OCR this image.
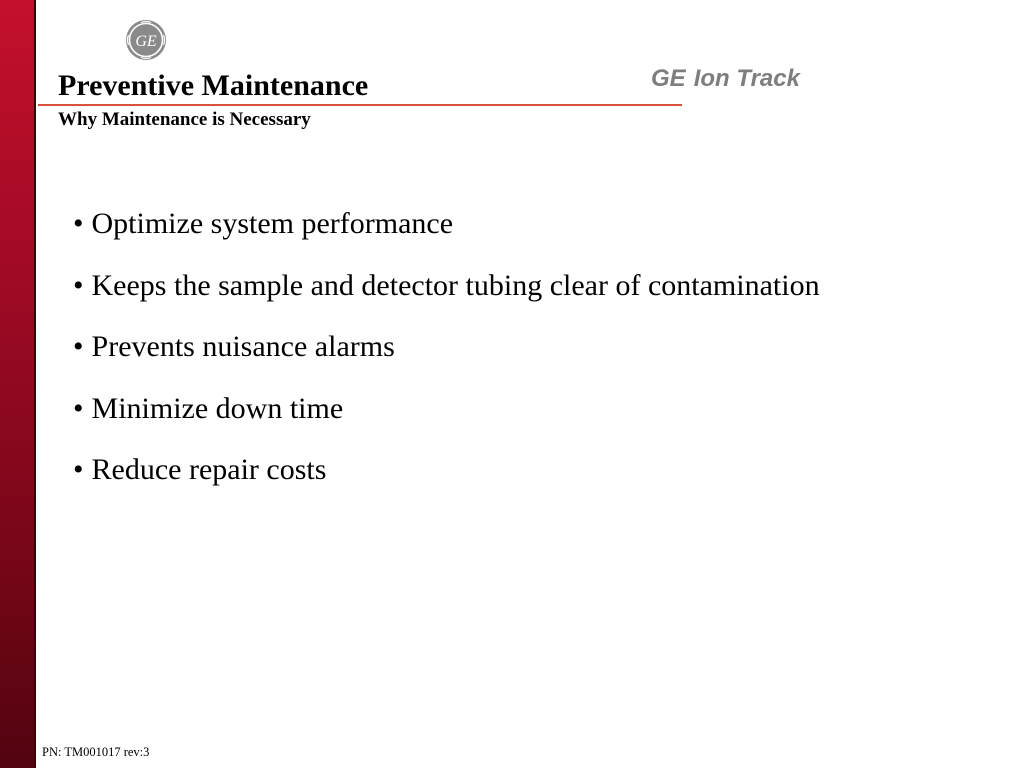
GE
Preventive Maintenance	GE Ion Track
Why Maintenance is Necessary
• Optimize system performance
• Keeps the sample and detector tubing clear of contamination
• Prevents nuisance alarms
• Minimize down time
• Reduce repair costs
PN: TM001017 rev:3
